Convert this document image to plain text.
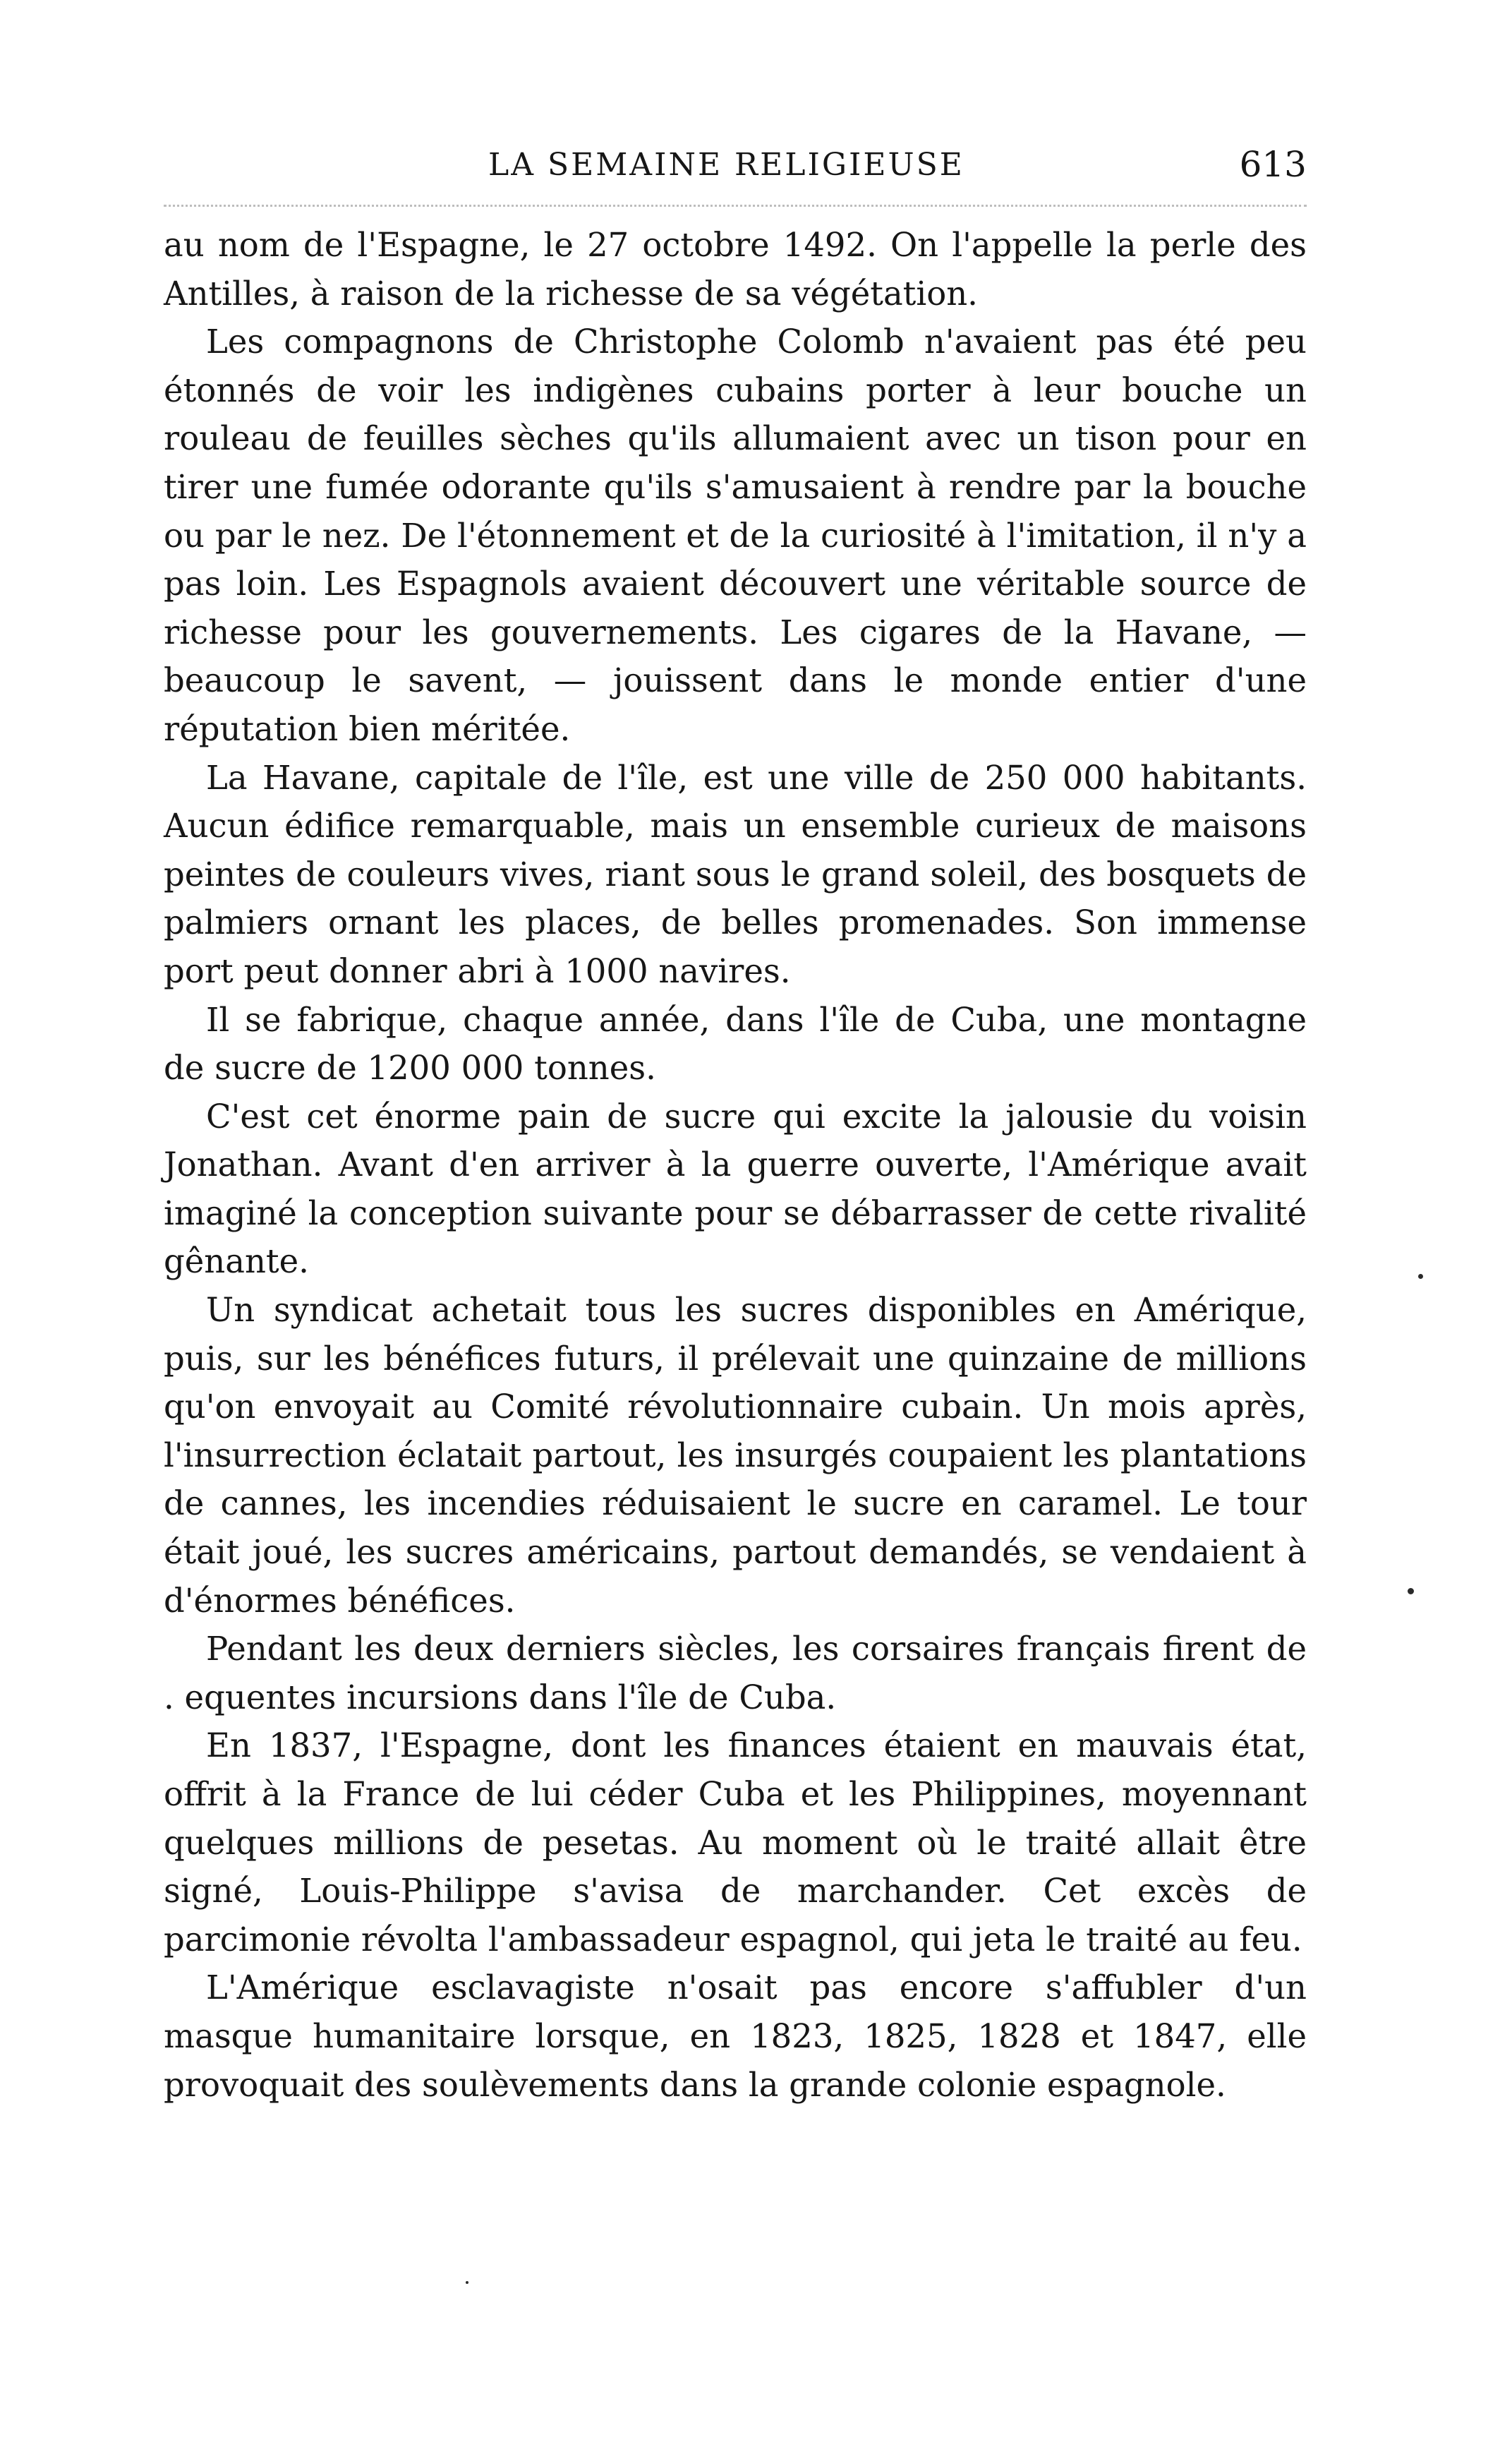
LA SEMAINE RELIGIEUSE	613

au nom de l'Espagne, le 27 octobre 1492. On l'appelle la perle des Antilles, à raison de la richesse de sa végétation.

Les compagnons de Christophe Colomb n'avaient pas été peu étonnés de voir les indigènes cubains porter à leur bouche un rouleau de feuilles sèches qu'ils allumaient avec un tison pour en tirer une fumée odorante qu'ils s'amusaient à rendre par la bouche ou par le nez. De l'étonnement et de la curiosité à l'imitation, il n'y a pas loin. Les Espagnols avaient découvert une véritable source de richesse pour les gouvernements. Les cigares de la Havane, — beaucoup le savent, — jouissent dans le monde entier d'une réputation bien méritée.

La Havane, capitale de l'île, est une ville de 250 000 habitants. Aucun édifice remarquable, mais un ensemble curieux de maisons peintes de couleurs vives, riant sous le grand soleil, des bosquets de palmiers ornant les places, de belles promenades. Son immense port peut donner abri à 1000 navires.

Il se fabrique, chaque année, dans l'île de Cuba, une montagne de sucre de 1200 000 tonnes.

C'est cet énorme pain de sucre qui excite la jalousie du voisin Jonathan. Avant d'en arriver à la guerre ouverte, l'Amérique avait imaginé la conception suivante pour se débarrasser de cette rivalité gênante.

Un syndicat achetait tous les sucres disponibles en Amérique, puis, sur les bénéfices futurs, il prélevait une quinzaine de millions qu'on envoyait au Comité révolutionnaire cubain. Un mois après, l'insurrection éclatait partout, les insurgés coupaient les plantations de cannes, les incendies réduisaient le sucre en caramel. Le tour était joué, les sucres américains, partout demandés, se vendaient à d'énormes bénéfices.

Pendant les deux derniers siècles, les corsaires français firent de . equentes incursions dans l'île de Cuba.

En 1837, l'Espagne, dont les finances étaient en mauvais état, offrit à la France de lui céder Cuba et les Philippines, moyennant quelques millions de pesetas. Au moment où le traité allait être signé, Louis-Philippe s'avisa de marchander. Cet excès de parcimonie révolta l'ambassadeur espagnol, qui jeta le traité au feu.

L'Amérique esclavagiste n'osait pas encore s'affubler d'un masque humanitaire lorsque, en 1823, 1825, 1828 et 1847, elle provoquait des soulèvements dans la grande colonie espagnole.
